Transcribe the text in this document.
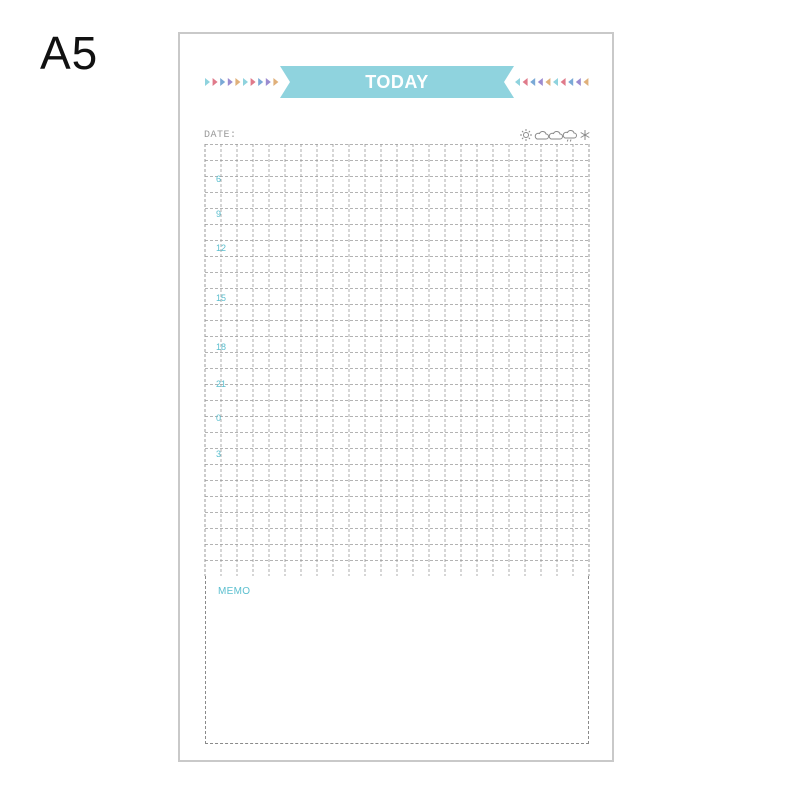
A5
TODAY
DATE:
6
9
12
15
18
21
0
3
MEMO
